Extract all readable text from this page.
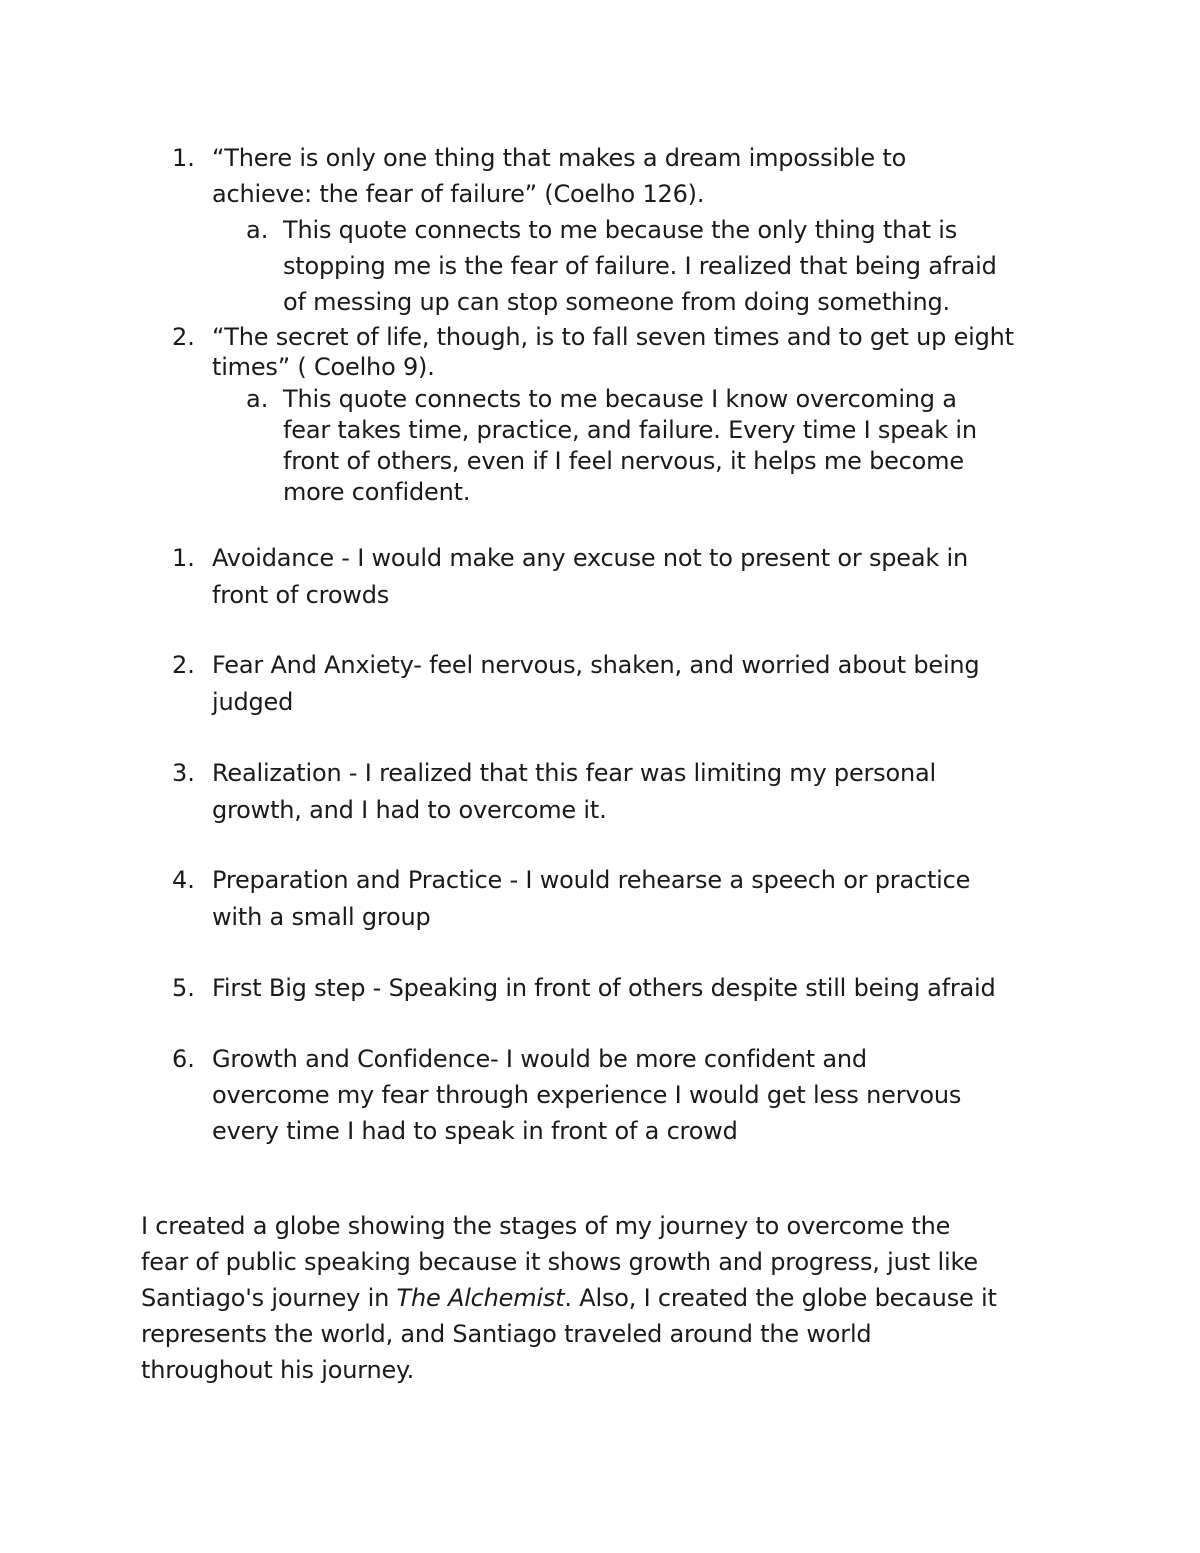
1. “There is only one thing that makes a dream impossible to
achieve: the fear of failure” (Coelho 126).
a. This quote connects to me because the only thing that is
stopping me is the fear of failure. I realized that being afraid
of messing up can stop someone from doing something.
2. “The secret of life, though, is to fall seven times and to get up eight
times” ( Coelho 9).
a. This quote connects to me because I know overcoming a
fear takes time, practice, and failure. Every time I speak in
front of others, even if I feel nervous, it helps me become
more confident.
1. Avoidance - I would make any excuse not to present or speak in
front of crowds
2. Fear And Anxiety- feel nervous, shaken, and worried about being
judged
3. Realization - I realized that this fear was limiting my personal
growth, and I had to overcome it.
4. Preparation and Practice - I would rehearse a speech or practice
with a small group
5. First Big step - Speaking in front of others despite still being afraid
6. Growth and Confidence- I would be more confident and
overcome my fear through experience I would get less nervous
every time I had to speak in front of a crowd
I created a globe showing the stages of my journey to overcome the
fear of public speaking because it shows growth and progress, just like
Santiago's journey in The Alchemist. Also, I created the globe because it
represents the world, and Santiago traveled around the world
throughout his journey.
